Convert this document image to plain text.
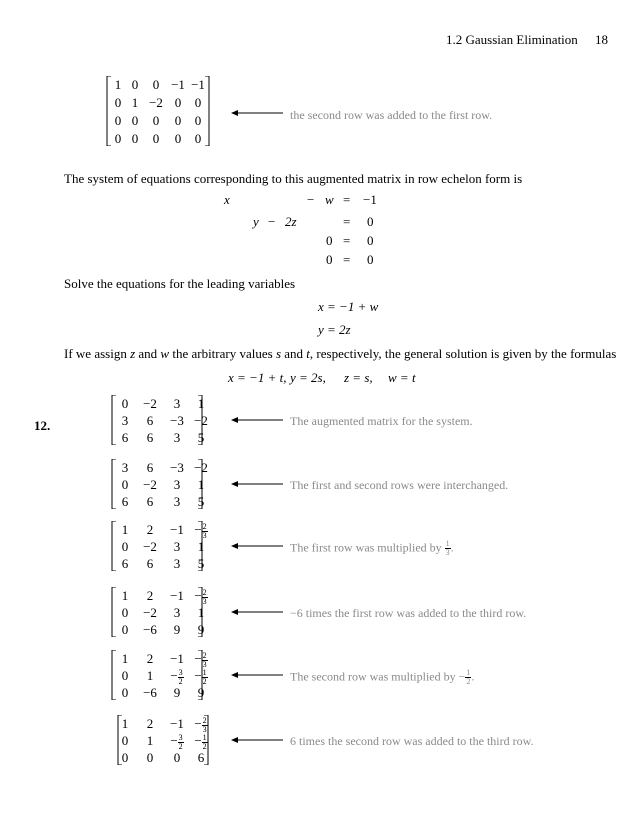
1.2 Gaussian Elimination 18
1 0	0 −1 −1
0 1 −2 0	0
0 0	0	0	0
0 0	0	0	0
the second row was added to the first row.
The system of equations corresponding to this augmented matrix in row echelon form is
x	− w = −1
y − 2z	= 0
0 = 0
0 = 0
Solve the equations for the leading variables
x = −1 + w
y = 2z
If we assign z and w the arbitrary values s and t, respectively, the general solution is given by the formulas
x = −1 + t, y = 2s, z = s, w = t
12.
0	−2	3	1
3	6	−3 −2
6	6	3	5
The augmented matrix for the system.
3	6	−3 −2
0	−2	3	1
6	6	3	5
The first and second rows were interchanged.
1	2	$-1 - \frac{2}{3}$
0	−2	3	1
6	6	3	5
The first row was multiplied by $\frac{1}{3}$ .
1	2	$-1 - \frac{2}{3}$
0	−2	3	1
0	−6	9	9
−6 times the first row was added to the third row.
1	2	$-1 - \frac{2}{3}$
0	1	− $\frac{3}{2} - \frac{1}{2}$
0	−6	9	9
The second row was multiplied by − $\frac{1}{2}$ .
1	2	$-1 - \frac{2}{3}$
0	1	− $\frac{3}{2} - \frac{1}{2}$
0	0	0	6
6 times the second row was added to the third row.
